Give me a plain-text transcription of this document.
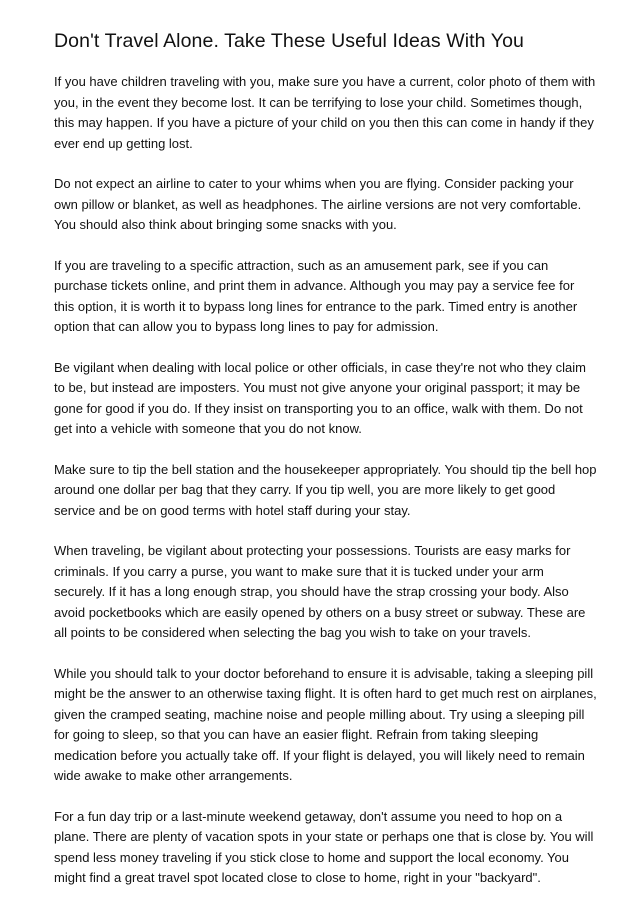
Don't Travel Alone. Take These Useful Ideas With You

If you have children traveling with you, make sure you have a current, color photo of them with you, in the event they become lost. It can be terrifying to lose your child. Sometimes though, this may happen. If you have a picture of your child on you then this can come in handy if they ever end up getting lost.

Do not expect an airline to cater to your whims when you are flying. Consider packing your own pillow or blanket, as well as headphones. The airline versions are not very comfortable. You should also think about bringing some snacks with you.

If you are traveling to a specific attraction, such as an amusement park, see if you can purchase tickets online, and print them in advance. Although you may pay a service fee for this option, it is worth it to bypass long lines for entrance to the park. Timed entry is another option that can allow you to bypass long lines to pay for admission.

Be vigilant when dealing with local police or other officials, in case they're not who they claim to be, but instead are imposters. You must not give anyone your original passport; it may be gone for good if you do. If they insist on transporting you to an office, walk with them. Do not get into a vehicle with someone that you do not know.

Make sure to tip the bell station and the housekeeper appropriately. You should tip the bell hop around one dollar per bag that they carry. If you tip well, you are more likely to get good service and be on good terms with hotel staff during your stay.

When traveling, be vigilant about protecting your possessions. Tourists are easy marks for criminals. If you carry a purse, you want to make sure that it is tucked under your arm securely. If it has a long enough strap, you should have the strap crossing your body. Also avoid pocketbooks which are easily opened by others on a busy street or subway. These are all points to be considered when selecting the bag you wish to take on your travels.

While you should talk to your doctor beforehand to ensure it is advisable, taking a sleeping pill might be the answer to an otherwise taxing flight. It is often hard to get much rest on airplanes, given the cramped seating, machine noise and people milling about. Try using a sleeping pill for going to sleep, so that you can have an easier flight. Refrain from taking sleeping medication before you actually take off. If your flight is delayed, you will likely need to remain wide awake to make other arrangements.

For a fun day trip or a last-minute weekend getaway, don't assume you need to hop on a plane. There are plenty of vacation spots in your state or perhaps one that is close by. You will spend less money traveling if you stick close to home and support the local economy. You might find a great travel spot located close to close to home, right in your "backyard".
